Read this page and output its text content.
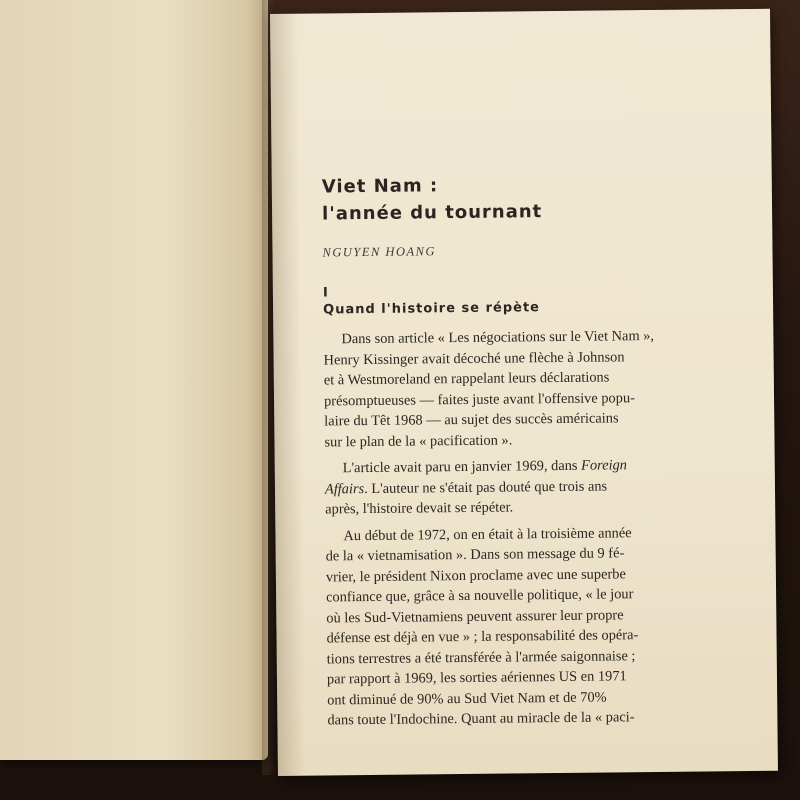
Viet Nam :
l'année du tournant

NGUYEN HOANG

I

Quand l'histoire se répète

Dans son article « Les négociations sur le Viet Nam »,
Henry Kissinger avait décoché une flèche à Johnson
et à Westmoreland en rappelant leurs déclarations
présomptueuses — faites juste avant l'offensive popu-
laire du Têt 1968 — au sujet des succès américains
sur le plan de la « pacification ».

L'article avait paru en janvier 1969, dans Foreign
Affairs. L'auteur ne s'était pas douté que trois ans
après, l'histoire devait se répéter.

Au début de 1972, on en était à la troisième année
de la « vietnamisation ». Dans son message du 9 fé-
vrier, le président Nixon proclame avec une superbe
confiance que, grâce à sa nouvelle politique, « le jour
où les Sud-Vietnamiens peuvent assurer leur propre
défense est déjà en vue » ; la responsabilité des opéra-
tions terrestres a été transférée à l'armée saigonnaise ;
par rapport à 1969, les sorties aériennes US en 1971
ont diminué de 90% au Sud Viet Nam et de 70%
dans toute l'Indochine. Quant au miracle de la « paci-
